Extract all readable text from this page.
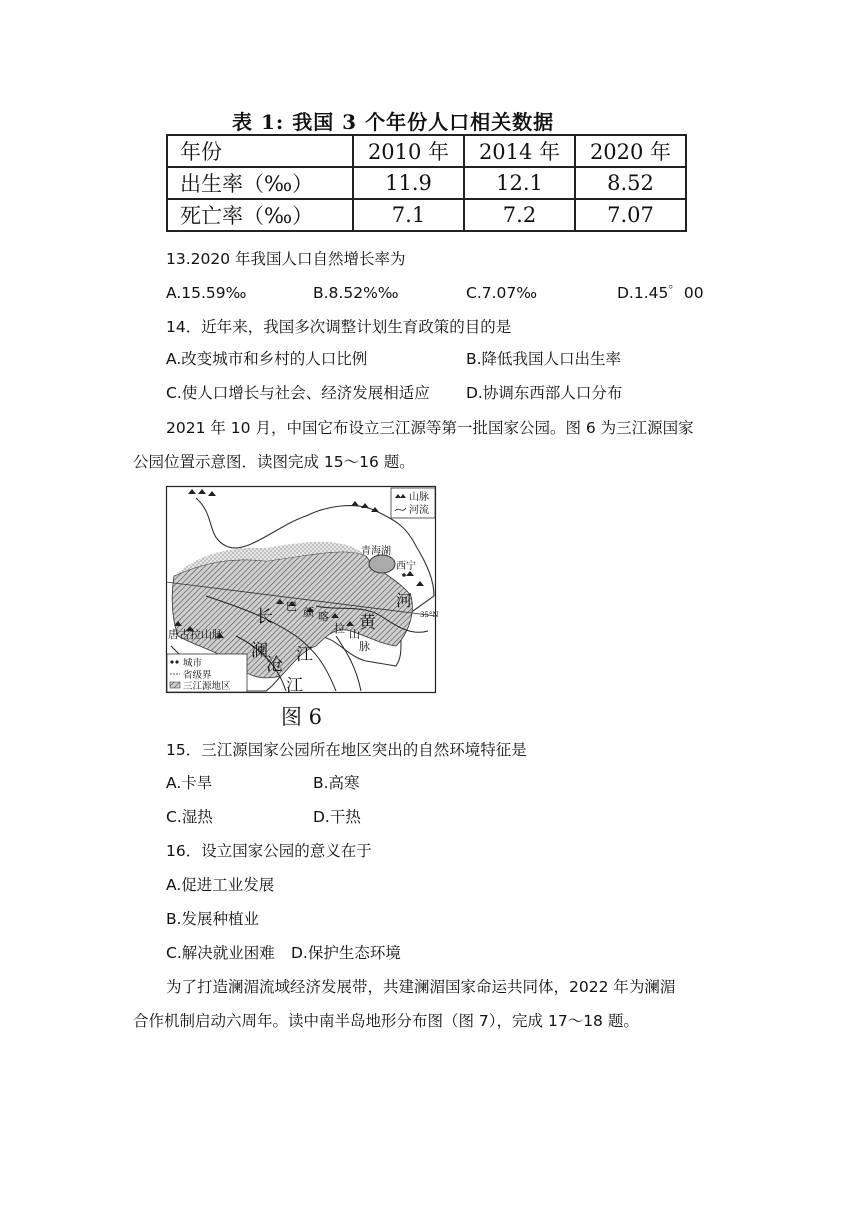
表 1: 我国 3 个年份人口相关数据
年份	2010 年	2014 年	2020 年
出生率（‰）	11.9	12.1	8.52
死亡率（‰）	7.1	7.2	7.07
13.2020 年我国人口自然增长率为
A.15.59‰	B.8.52%‰	C.7.07‰	D.1.45゜00
14．近年来，我国多次调整计划生育政策的目的是
A.改变城市和乡村的人口比例	B.降低我国人口出生率
C.使人口增长与社会、经济发展相适应 D.协调东西部人口分布
2021 年 10 月，中国它布设立三江源等第一批国家公园。图 6 为三江源国家
公园位置示意图．读图完成 15～16 题。
山脉
河流
城市
省级界
三江源地区
青海湖
西宁
河
35°N
长
江
澜
沧
江
黄
巴 颜 喀
拉 山
脉
唐古拉山脉
图 6
15．三江源国家公园所在地区突出的自然环境特征是
A.卡旱	B.高寒
C.湿热	D.干热
16．设立国家公园的意义在于
A.促进工业发展
B.发展种植业
C.解决就业困难 D.保护生态环境
为了打造澜湄流域经济发展带，共建澜湄国家命运共同体，2022 年为澜湄
合作机制启动六周年。读中南半岛地形分布图（图 7），完成 17～18 题。
